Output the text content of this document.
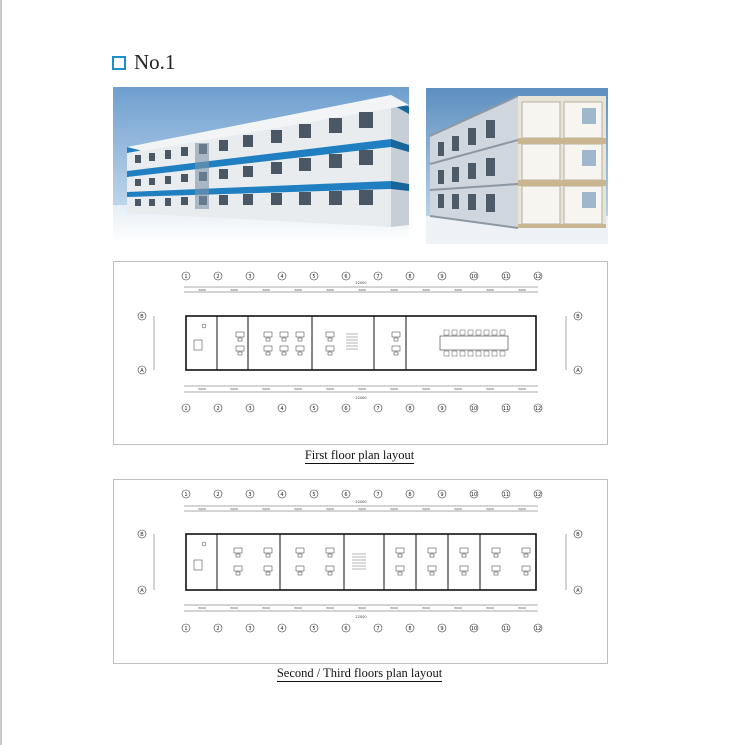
No.1
22000
22000
B
A
B
A
1
1
3000
3000
2
2
3000
3000
3
3
3000
3000
4
4
3000
3000
5
5
3000
3000
6
6
3000
3000
7
7
3000
3000
8
8
3000
3000
9
9
3000
3000
10
10
3000
3000
11
11
3000
3000
12
12
First floor plan layout
22000
22000
B
A
B
A
1
1
3000
3000
2
2
3000
3000
3
3
3000
3000
4
4
3000
3000
5
5
3000
3000
6
6
3000
3000
7
7
3000
3000
8
8
3000
3000
9
9
3000
3000
10
10
3000
3000
11
11
3000
3000
12
12
Second / Third floors plan layout
